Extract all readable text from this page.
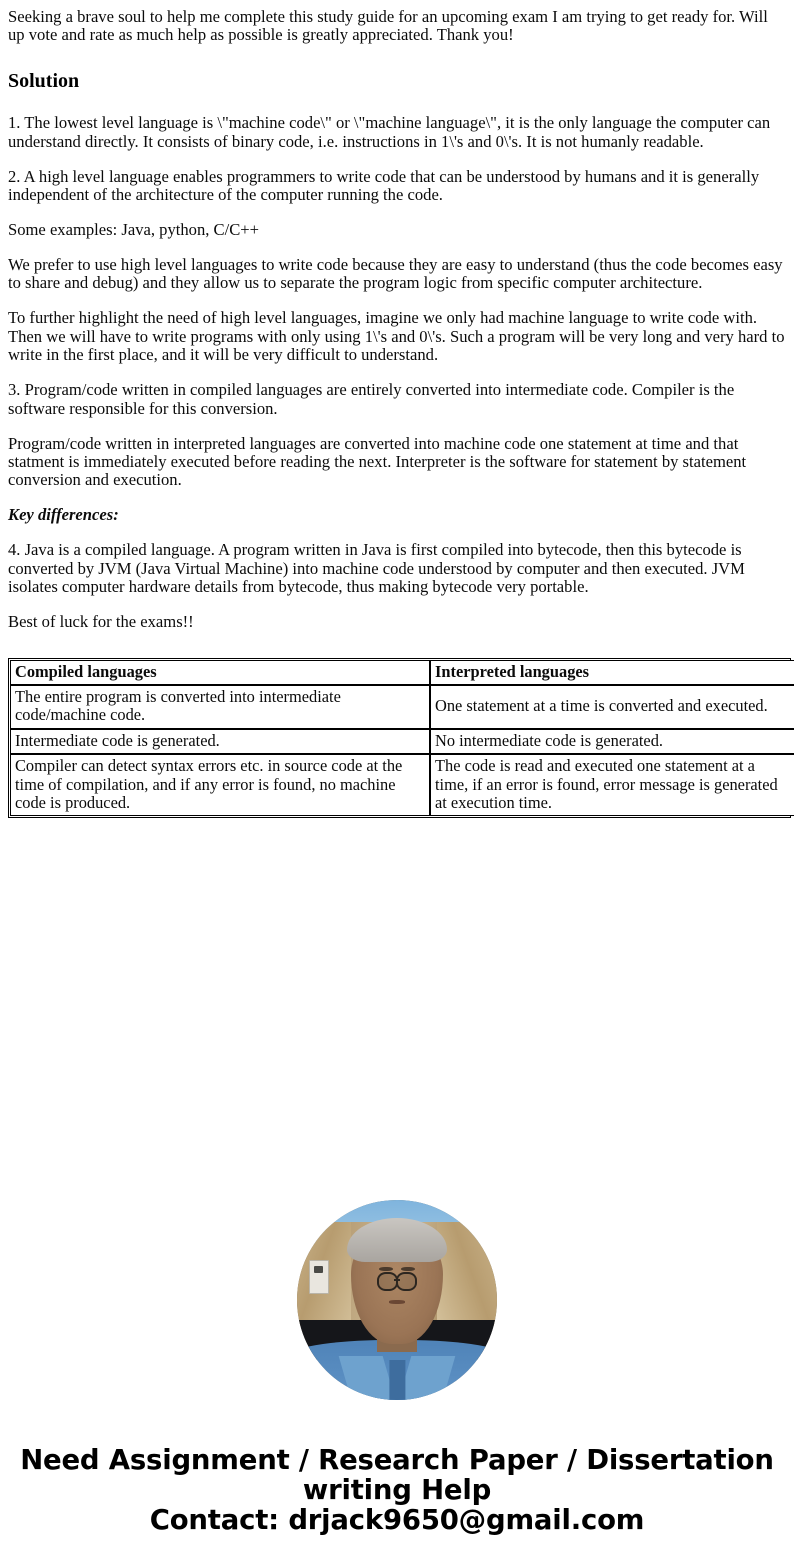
Seeking a brave soul to help me complete this study guide for an upcoming exam I am trying to get ready for. Will up vote and rate as much help as possible is greatly appreciated. Thank you!

Solution

1. The lowest level language is \"machine code\" or \"machine language\", it is the only language the computer can understand directly. It consists of binary code, i.e. instructions in 1\'s and 0\'s. It is not humanly readable.

2. A high level language enables programmers to write code that can be understood by humans and it is generally independent of the architecture of the computer running the code.

Some examples: Java, python, C/C++

We prefer to use high level languages to write code because they are easy to understand (thus the code becomes easy to share and debug) and they allow us to separate the program logic from specific computer architecture.

To further highlight the need of high level languages, imagine we only had machine language to write code with. Then we will have to write programs with only using 1\'s and 0\'s. Such a program will be very long and very hard to write in the first place, and it will be very difficult to understand.

3. Program/code written in compiled languages are entirely converted into intermediate code. Compiler is the software responsible for this conversion.

Program/code written in interpreted languages are converted into machine code one statement at time and that statment is immediately executed before reading the next. Interpreter is the software for statement by statement conversion and execution.

Key differences:

4. Java is a compiled language. A program written in Java is first compiled into bytecode, then this bytecode is converted by JVM (Java Virtual Machine) into machine code understood by computer and then executed. JVM isolates computer hardware details from bytecode, thus making bytecode very portable.

Best of luck for the exams!!

Compiled languages	Interpreted languages
The entire program is converted into intermediate code/machine code.	One statement at a time is converted and executed.
Intermediate code is generated.	No intermediate code is generated.
Compiler can detect syntax errors etc. in source code at the time of compilation, and if any error is found, no machine code is produced.	The code is read and executed one statement at a time, if an error is found, error message is generated at execution time.
Need Assignment / Research Paper / Dissertation
writing Help
Contact: drjack9650@gmail.com
